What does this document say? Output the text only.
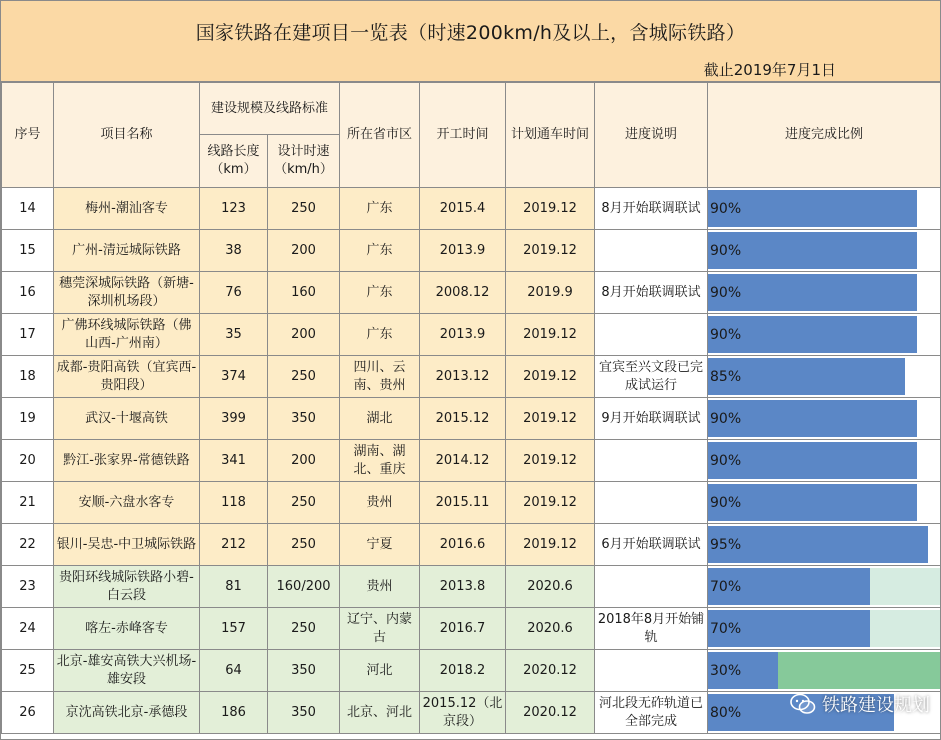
国家铁路在建项目一览表（时速200km/h及以上，含城际铁路）
截止2019年7月1日
序号	项目名称	建设规模及线路标准		所在省市区	开工时间	计划通车时间	进度说明	进度完成比例
		线路长度（km）	设计时速（km/h）					
14	梅州-潮汕客专	123	250	广东	2015.4	2019.12	8月开始联调联试	90%
15	广州-清远城际铁路	38	200	广东	2013.9	2019.12		90%
16	穗莞深城际铁路（新塘-深圳机场段）	76	160	广东	2008.12	2019.9	8月开始联调联试	90%
17	广佛环线城际铁路（佛山西-广州南）	35	200	广东	2013.9	2019.12		90%
18	成都-贵阳高铁（宜宾西-贵阳段）	374	250	四川、云南、贵州	2013.12	2019.12	宜宾至兴文段已完成试运行	85%
19	武汉-十堰高铁	399	350	湖北	2015.12	2019.12	9月开始联调联试	90%
20	黔江-张家界-常德铁路	341	200	湖南、湖北、重庆	2014.12	2019.12		90%
21	安顺-六盘水客专	118	250	贵州	2015.11	2019.12		90%
22	银川-吴忠-中卫城际铁路	212	250	宁夏	2016.6	2019.12	6月开始联调联试	95%
23	贵阳环线城际铁路小碧-白云段	81	160/200	贵州	2013.8	2020.6		70%
24	喀左-赤峰客专	157	250	辽宁、内蒙古	2016.7	2020.6	2018年8月开始铺轨	70%
25	北京-雄安高铁大兴机场-雄安段	64	350	河北	2018.2	2020.12		30%
26	京沈高铁北京-承德段	186	350	北京、河北	2015.12（北京段）	2020.12	河北段无砟轨道已全部完成	80%	铁路建设规划
